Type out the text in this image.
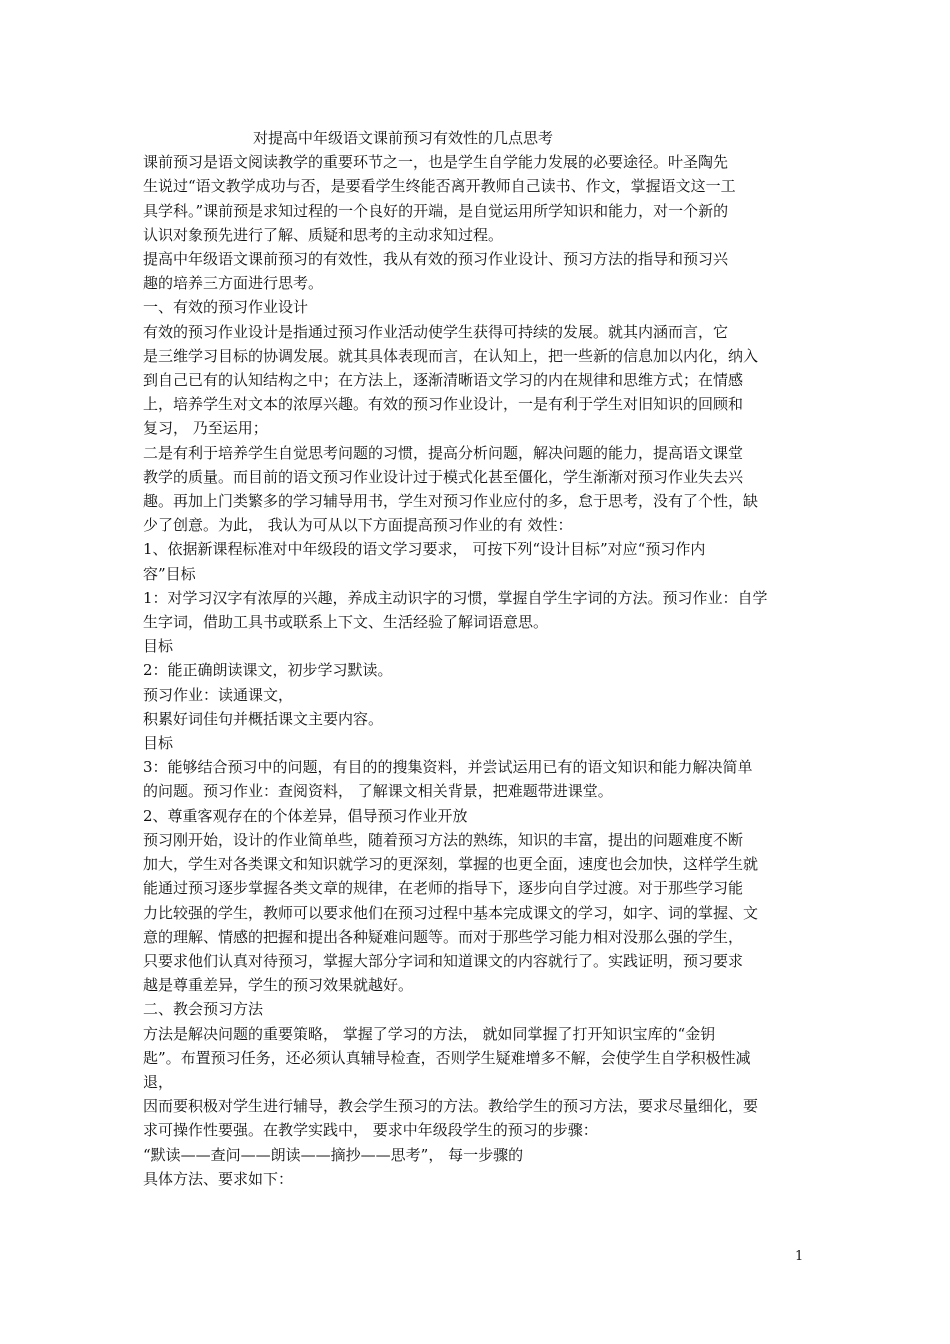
对提高中年级语文课前预习有效性的几点思考
课前预习是语文阅读教学的重要环节之一，也是学生自学能力发展的必要途径。叶圣陶先
生说过“语文教学成功与否，是要看学生终能否离开教师自己读书、作文，掌握语文这一工
具学科。”课前预是求知过程的一个良好的开端，是自觉运用所学知识和能力，对一个新的
认识对象预先进行了解、质疑和思考的主动求知过程。
提高中年级语文课前预习的有效性，我从有效的预习作业设计、预习方法的指导和预习兴
趣的培养三方面进行思考。
一、有效的预习作业设计
有效的预习作业设计是指通过预习作业活动使学生获得可持续的发展。就其内涵而言，它
是三维学习目标的协调发展。就其具体表现而言，在认知上，把一些新的信息加以内化，纳入
到自己已有的认知结构之中；在方法上，逐渐清晰语文学习的内在规律和思维方式；在情感
上，培养学生对文本的浓厚兴趣。有效的预习作业设计，一是有利于学生对旧知识的回顾和
复习， 乃至运用；
二是有利于培养学生自觉思考问题的习惯，提高分析问题，解决问题的能力，提高语文课堂
教学的质量。而目前的语文预习作业设计过于模式化甚至僵化，学生渐渐对预习作业失去兴
趣。再加上门类繁多的学习辅导用书，学生对预习作业应付的多，怠于思考，没有了个性，缺
少了创意。为此， 我认为可从以下方面提高预习作业的有 效性：
1、依据新课程标准对中年级段的语文学习要求， 可按下列“设计目标”对应“预习作内
容”目标
1：对学习汉字有浓厚的兴趣，养成主动识字的习惯，掌握自学生字词的方法。预习作业：自学
生字词，借助工具书或联系上下文、生活经验了解词语意思。
目标
2：能正确朗读课文，初步学习默读。
预习作业：读通课文，
积累好词佳句并概括课文主要内容。
目标
3：能够结合预习中的问题，有目的的搜集资料，并尝试运用已有的语文知识和能力解决简单
的问题。预习作业：查阅资料， 了解课文相关背景，把难题带进课堂。
2、尊重客观存在的个体差异，倡导预习作业开放
预习刚开始，设计的作业简单些，随着预习方法的熟练，知识的丰富，提出的问题难度不断
加大，学生对各类课文和知识就学习的更深刻，掌握的也更全面，速度也会加快，这样学生就
能通过预习逐步掌握各类文章的规律，在老师的指导下，逐步向自学过渡。对于那些学习能
力比较强的学生，教师可以要求他们在预习过程中基本完成课文的学习，如字、词的掌握、文
意的理解、情感的把握和提出各种疑难问题等。而对于那些学习能力相对没那么强的学生，
只要求他们认真对待预习，掌握大部分字词和知道课文的内容就行了。实践证明，预习要求
越是尊重差异，学生的预习效果就越好。
二、教会预习方法
方法是解决问题的重要策略， 掌握了学习的方法， 就如同掌握了打开知识宝库的“金钥
匙”。布置预习任务，还必须认真辅导检查，否则学生疑难增多不解，会使学生自学积极性减
退，
因而要积极对学生进行辅导，教会学生预习的方法。教给学生的预习方法，要求尽量细化，要
求可操作性要强。在教学实践中， 要求中年级段学生的预习的步骤：
“默读——查问——朗读——摘抄——思考”， 每一步骤的
具体方法、要求如下：
1
